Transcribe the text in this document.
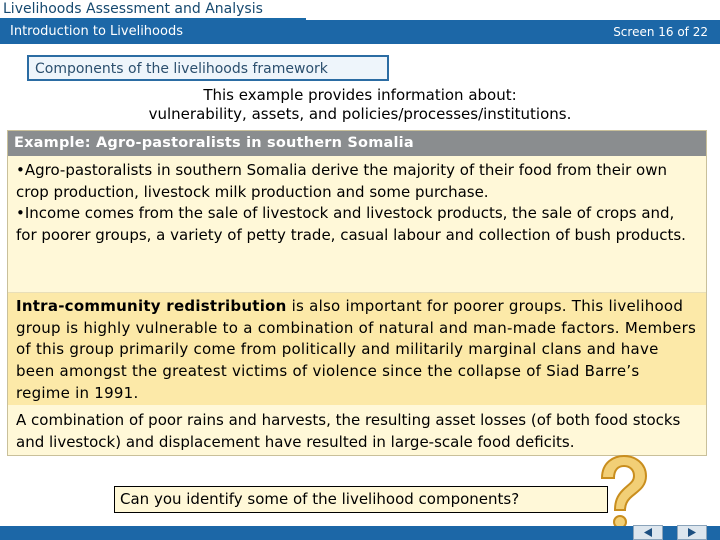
Livelihoods Assessment and Analysis
Introduction to Livelihoods	Screen 16 of 22
Components of the livelihoods framework
This example provides information about:
vulnerability, assets, and policies/processes/institutions.
Example: Agro-pastoralists in southern Somalia

•Agro-pastoralists in southern Somalia derive the majority of their food from their own crop production, livestock milk production and some purchase.

•Income comes from the sale of livestock and livestock products, the sale of crops and, for poorer groups, a variety of petty trade, casual labour and collection of bush products.

Intra-community redistribution is also important for poorer groups. This livelihood group is highly vulnerable to a combination of natural and man-made factors. Members of this group primarily come from politically and militarily marginal clans and have been amongst the greatest victims of violence since the collapse of Siad Barre’s regime in 1991.

A combination of poor rains and harvests, the resulting asset losses (of both food stocks and livestock) and displacement have resulted in large-scale food deficits.

Can you identify some of the livelihood components?
